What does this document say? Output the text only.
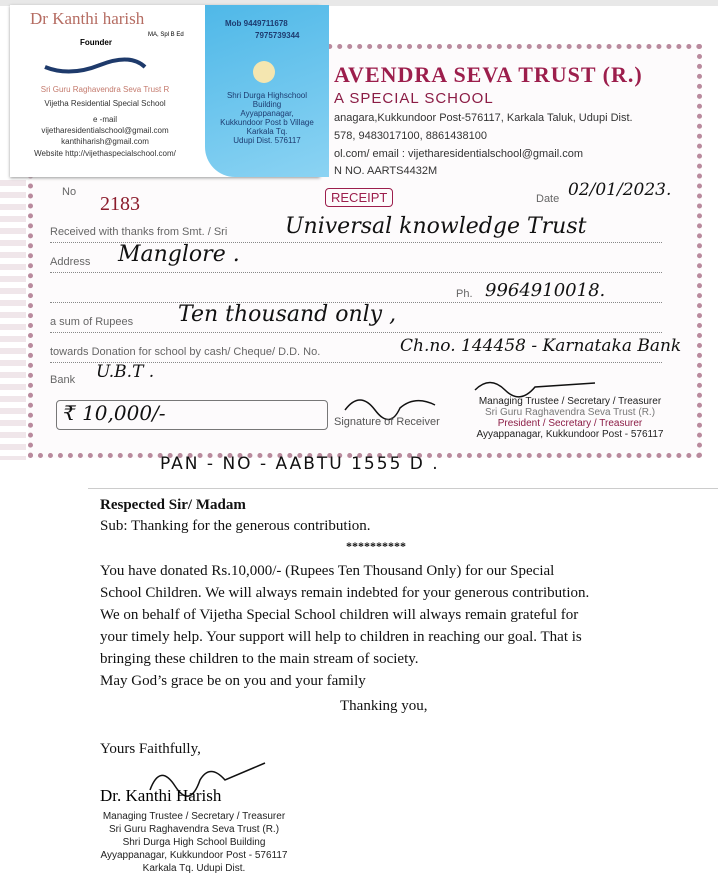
AVENDRA SEVA TRUST (R.)
A SPECIAL SCHOOL
anagara,Kukkundoor Post-576117, Karkala Taluk, Udupi Dist.
578, 9483017100, 8861438100
ol.com/ email : vijetharesidentialschool@gmail.com
N NO. AARTS4432M
Dr Kanthi harish
MA, Spl B Ed
Founder
Sri Guru Raghavendra Seva Trust R
Vijetha Residential Special School
e -mail
vijetharesidentialschool@gmail.com
kanthiharish@gmail.com
Website http://vijethaspecialschool.com/
Mob 9449711678
7975739344
Shri Durga Highschool
Building
Ayyappanagar,
Kukkundoor Post b Village
Karkala Tq.
Udupi Dist. 576117
No
2183	RECEIPT	Date 02/01/2023.
Received with thanks from Smt. / Sri	Universal knowledge Trust
Address Manglore .
Ph. 9964910018.
a sum of Rupees Ten thousand only ,
towards Donation for school by cash/ Cheque/ D.D. No.	Ch.no. 144458 - Karnataka Bank
Bank U.B.T .
₹ 10,000/-	Signature of Receiver
Managing Trustee / Secretary / Treasurer
Sri Guru Raghavendra Seva Trust (R.)
President / Secretary / Treasurer
Ayyappanagar, Kukkundoor Post - 576117
PAN - NO - AABTU 1555 D .
Respected Sir/ Madam
Sub: Thanking for the generous contribution.
**********
You have donated Rs.10,000/- (Rupees Ten Thousand Only) for our Special
School Children. We will always remain indebted for your generous contribution.
We on behalf of Vijetha Special School children will always remain grateful for
your timely help. Your support will help to children in reaching our goal. That is
bringing these children to the main stream of society.
May God’s grace be on you and your family
Thanking you,
Yours Faithfully,
Dr. Kanthi Harish
Managing Trustee / Secretary / Treasurer
Sri Guru Raghavendra Seva Trust (R.)
Shri Durga High School Building
Ayyappanagar, Kukkundoor Post - 576117
Karkala Tq. Udupi Dist.
